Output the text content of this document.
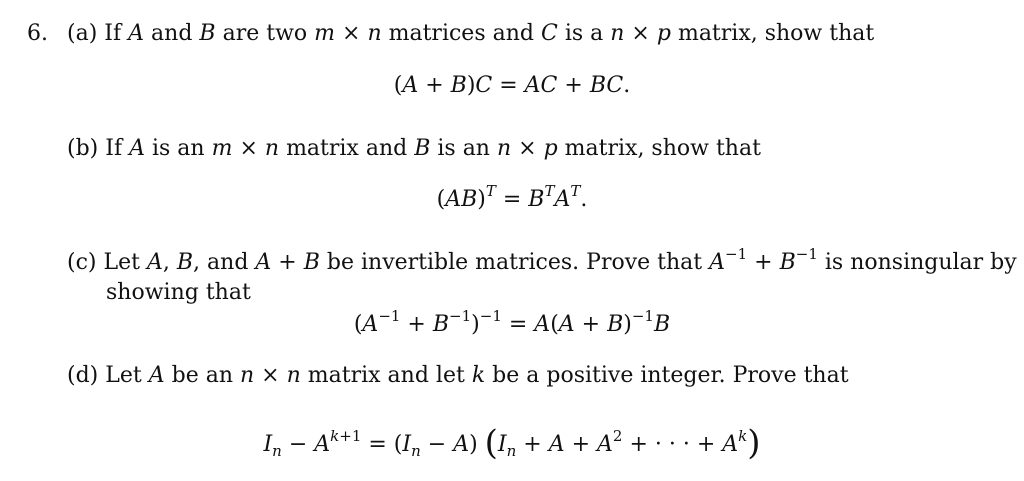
6. (a) If A and B are two m × n matrices and C is a n × p matrix, show that
(A + B)C = AC + BC.
(b) If A is an m × n matrix and B is an n × p matrix, show that
$(AB)^T = B^TA^T$.
(c) Let A, B, and A + B be invertible matrices. Prove that $A^{-1} + B^{-1}$ is nonsingular by
showing that
$(A^{-1} + B^{-1})^{-1} = A(A + B)^{-1}B$
(d) Let A be an n × n matrix and let k be a positive integer. Prove that
$I_n - A^{k+1} = (I_n - A) (I_n + A + A^2$ + · · · + $A^k$)
